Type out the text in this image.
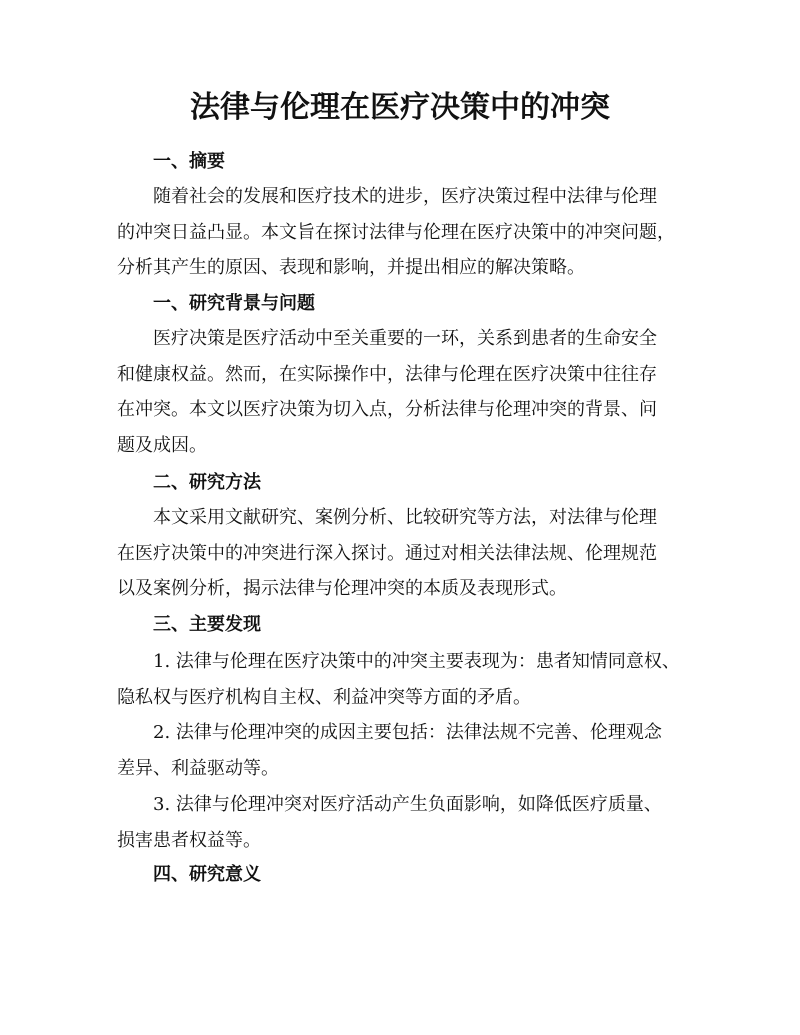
法律与伦理在医疗决策中的冲突
一、摘要
随着社会的发展和医疗技术的进步，医疗决策过程中法律与伦理
的冲突日益凸显。本文旨在探讨法律与伦理在医疗决策中的冲突问题，
分析其产生的原因、表现和影响，并提出相应的解决策略。
一、研究背景与问题
医疗决策是医疗活动中至关重要的一环，关系到患者的生命安全
和健康权益。然而，在实际操作中，法律与伦理在医疗决策中往往存
在冲突。本文以医疗决策为切入点，分析法律与伦理冲突的背景、问
题及成因。
二、研究方法
本文采用文献研究、案例分析、比较研究等方法，对法律与伦理
在医疗决策中的冲突进行深入探讨。通过对相关法律法规、伦理规范
以及案例分析，揭示法律与伦理冲突的本质及表现形式。
三、主要发现
1. 法律与伦理在医疗决策中的冲突主要表现为：患者知情同意权、
隐私权与医疗机构自主权、利益冲突等方面的矛盾。
2. 法律与伦理冲突的成因主要包括：法律法规不完善、伦理观念
差异、利益驱动等。
3. 法律与伦理冲突对医疗活动产生负面影响，如降低医疗质量、
损害患者权益等。
四、研究意义
